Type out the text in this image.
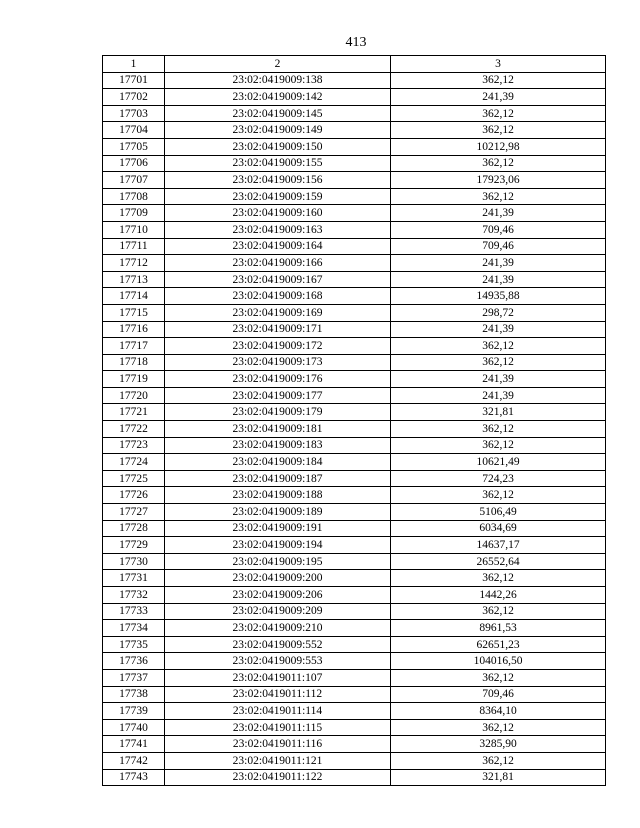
413
1	2	3
17701	23:02:0419009:138	362,12
17702	23:02:0419009:142	241,39
17703	23:02:0419009:145	362,12
17704	23:02:0419009:149	362,12
17705	23:02:0419009:150	10212,98
17706	23:02:0419009:155	362,12
17707	23:02:0419009:156	17923,06
17708	23:02:0419009:159	362,12
17709	23:02:0419009:160	241,39
17710	23:02:0419009:163	709,46
17711	23:02:0419009:164	709,46
17712	23:02:0419009:166	241,39
17713	23:02:0419009:167	241,39
17714	23:02:0419009:168	14935,88
17715	23:02:0419009:169	298,72
17716	23:02:0419009:171	241,39
17717	23:02:0419009:172	362,12
17718	23:02:0419009:173	362,12
17719	23:02:0419009:176	241,39
17720	23:02:0419009:177	241,39
17721	23:02:0419009:179	321,81
17722	23:02:0419009:181	362,12
17723	23:02:0419009:183	362,12
17724	23:02:0419009:184	10621,49
17725	23:02:0419009:187	724,23
17726	23:02:0419009:188	362,12
17727	23:02:0419009:189	5106,49
17728	23:02:0419009:191	6034,69
17729	23:02:0419009:194	14637,17
17730	23:02:0419009:195	26552,64
17731	23:02:0419009:200	362,12
17732	23:02:0419009:206	1442,26
17733	23:02:0419009:209	362,12
17734	23:02:0419009:210	8961,53
17735	23:02:0419009:552	62651,23
17736	23:02:0419009:553	104016,50
17737	23:02:0419011:107	362,12
17738	23:02:0419011:112	709,46
17739	23:02:0419011:114	8364,10
17740	23:02:0419011:115	362,12
17741	23:02:0419011:116	3285,90
17742	23:02:0419011:121	362,12
17743	23:02:0419011:122	321,81
